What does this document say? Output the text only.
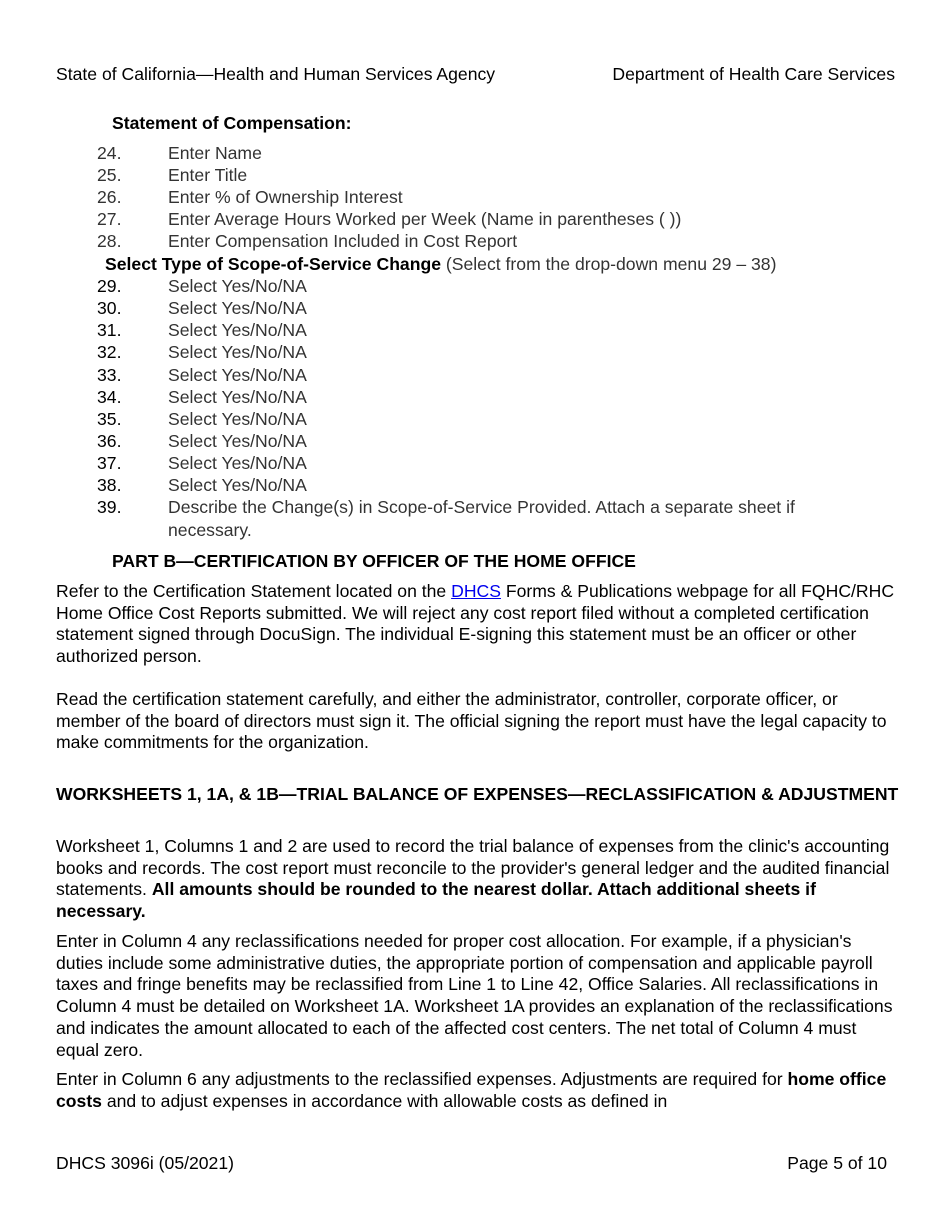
State of California—Health and Human Services Agency	Department of Health Care Services
Statement of Compensation:
24.	Enter Name
25.	Enter Title
26.	Enter % of Ownership Interest
27.	Enter Average Hours Worked per Week (Name in parentheses ( ))
28.	Enter Compensation Included in Cost Report
Select Type of Scope-of-Service Change (Select from the drop-down menu 29 – 38)
29.	Select Yes/No/NA
30.	Select Yes/No/NA
31.	Select Yes/No/NA
32.	Select Yes/No/NA
33.	Select Yes/No/NA
34.	Select Yes/No/NA
35.	Select Yes/No/NA
36.	Select Yes/No/NA
37.	Select Yes/No/NA
38.	Select Yes/No/NA
39.	Describe the Change(s) in Scope-of-Service Provided. Attach a separate sheet if
necessary.
PART B—CERTIFICATION BY OFFICER OF THE HOME OFFICE
Refer to the Certification Statement located on the DHCS Forms & Publications webpage for all FQHC/RHC Home Office Cost Reports submitted. We will reject any cost report filed without a completed certification statement signed through DocuSign. The individual E-signing this statement must be an officer or other authorized person.
Read the certification statement carefully, and either the administrator, controller, corporate officer, or member of the board of directors must sign it. The official signing the report must have the legal capacity to make commitments for the organization.
WORKSHEETS 1, 1A, & 1B—TRIAL BALANCE OF EXPENSES—RECLASSIFICATION & ADJUSTMENT
Worksheet 1, Columns 1 and 2 are used to record the trial balance of expenses from the clinic's accounting books and records. The cost report must reconcile to the provider's general ledger and the audited financial statements. All amounts should be rounded to the nearest dollar. Attach additional sheets if necessary.
Enter in Column 4 any reclassifications needed for proper cost allocation. For example, if a physician's duties include some administrative duties, the appropriate portion of compensation and applicable payroll taxes and fringe benefits may be reclassified from Line 1 to Line 42, Office Salaries. All reclassifications in Column 4 must be detailed on Worksheet 1A. Worksheet 1A provides an explanation of the reclassifications and indicates the amount allocated to each of the affected cost centers. The net total of Column 4 must equal zero.
Enter in Column 6 any adjustments to the reclassified expenses. Adjustments are required for home office costs and to adjust expenses in accordance with allowable costs as defined in
DHCS 3096i (05/2021)	Page 5 of 10
